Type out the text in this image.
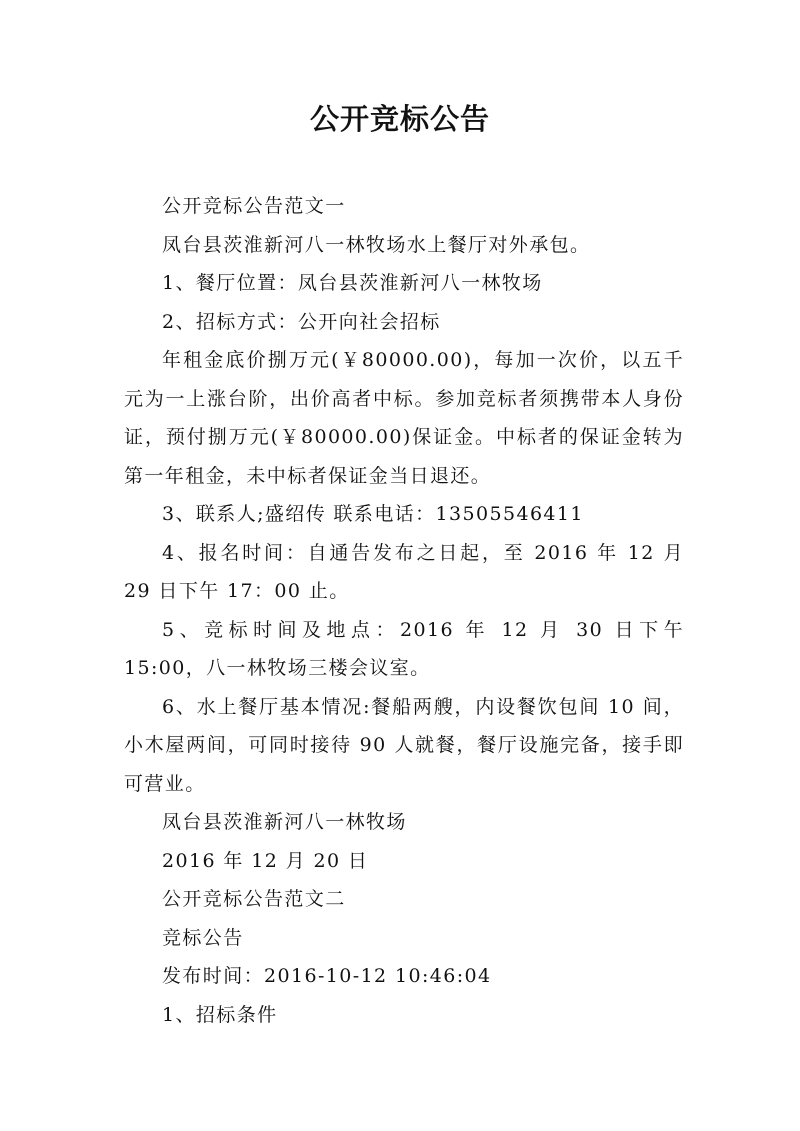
公开竞标公告

公开竞标公告范文一

凤台县茨淮新河八一林牧场水上餐厅对外承包。

1、餐厅位置：凤台县茨淮新河八一林牧场

2、招标方式：公开向社会招标

年租金底价捌万元(￥80000.00)，每加一次价，以五千元为一上涨台阶，出价高者中标。参加竞标者须携带本人身份证，预付捌万元(￥80000.00)保证金。中标者的保证金转为第一年租金，未中标者保证金当日退还。

3、联系人;盛绍传 联系电话：13505546411

4、报名时间：自通告发布之日起，至 2016 年 12 月 29 日下午 17：00 止。

5、竞标时间及地点：2016 年 12 月 30 日下午 15:00，八一林牧场三楼会议室。

6、水上餐厅基本情况:餐船两艘，内设餐饮包间 10 间，小木屋两间，可同时接待 90 人就餐，餐厅设施完备，接手即可营业。

凤台县茨淮新河八一林牧场

2016 年 12 月 20 日

公开竞标公告范文二

竞标公告

发布时间：2016-10-12 10:46:04

1、招标条件
